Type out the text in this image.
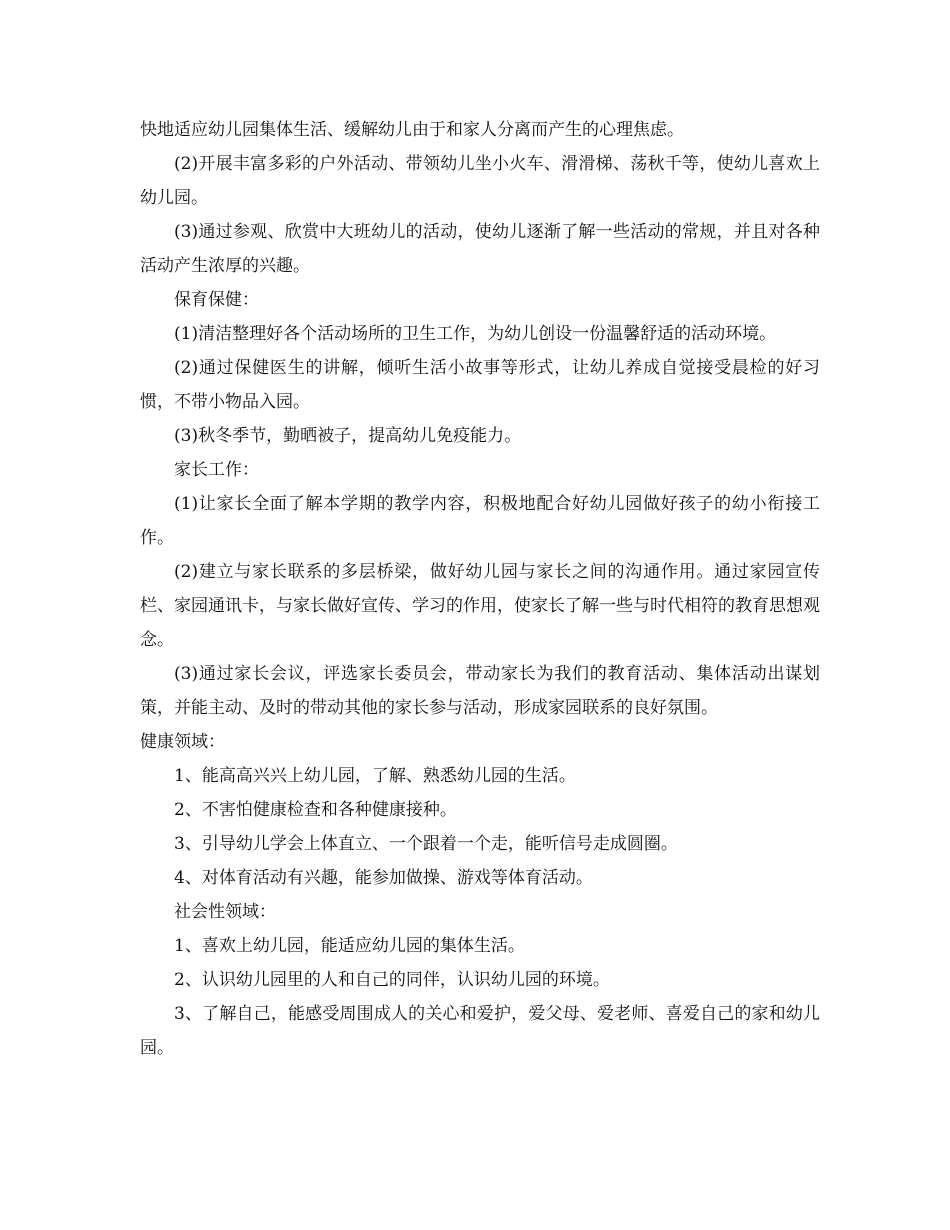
快地适应幼儿园集体生活、缓解幼儿由于和家人分离而产生的心理焦虑。

(2)开展丰富多彩的户外活动、带领幼儿坐小火车、滑滑梯、荡秋千等，使幼儿喜欢上幼儿园。

(3)通过参观、欣赏中大班幼儿的活动，使幼儿逐渐了解一些活动的常规，并且对各种活动产生浓厚的兴趣。

保育保健：

(1)清洁整理好各个活动场所的卫生工作，为幼儿创设一份温馨舒适的活动环境。

(2)通过保健医生的讲解，倾听生活小故事等形式，让幼儿养成自觉接受晨检的好习惯，不带小物品入园。

(3)秋冬季节，勤晒被子，提高幼儿免疫能力。

家长工作：

(1)让家长全面了解本学期的教学内容，积极地配合好幼儿园做好孩子的幼小衔接工作。

(2)建立与家长联系的多层桥梁，做好幼儿园与家长之间的沟通作用。通过家园宣传栏、家园通讯卡，与家长做好宣传、学习的作用，使家长了解一些与时代相符的教育思想观念。

(3)通过家长会议，评选家长委员会，带动家长为我们的教育活动、集体活动出谋划策，并能主动、及时的带动其他的家长参与活动，形成家园联系的良好氛围。

健康领域：

1、能高高兴兴上幼儿园，了解、熟悉幼儿园的生活。

2、不害怕健康检查和各种健康接种。

3、引导幼儿学会上体直立、一个跟着一个走，能听信号走成圆圈。

4、对体育活动有兴趣，能参加做操、游戏等体育活动。

社会性领域：

1、喜欢上幼儿园，能适应幼儿园的集体生活。

2、认识幼儿园里的人和自己的同伴，认识幼儿园的环境。

3、了解自己，能感受周围成人的关心和爱护，爱父母、爱老师、喜爱自己的家和幼儿园。
